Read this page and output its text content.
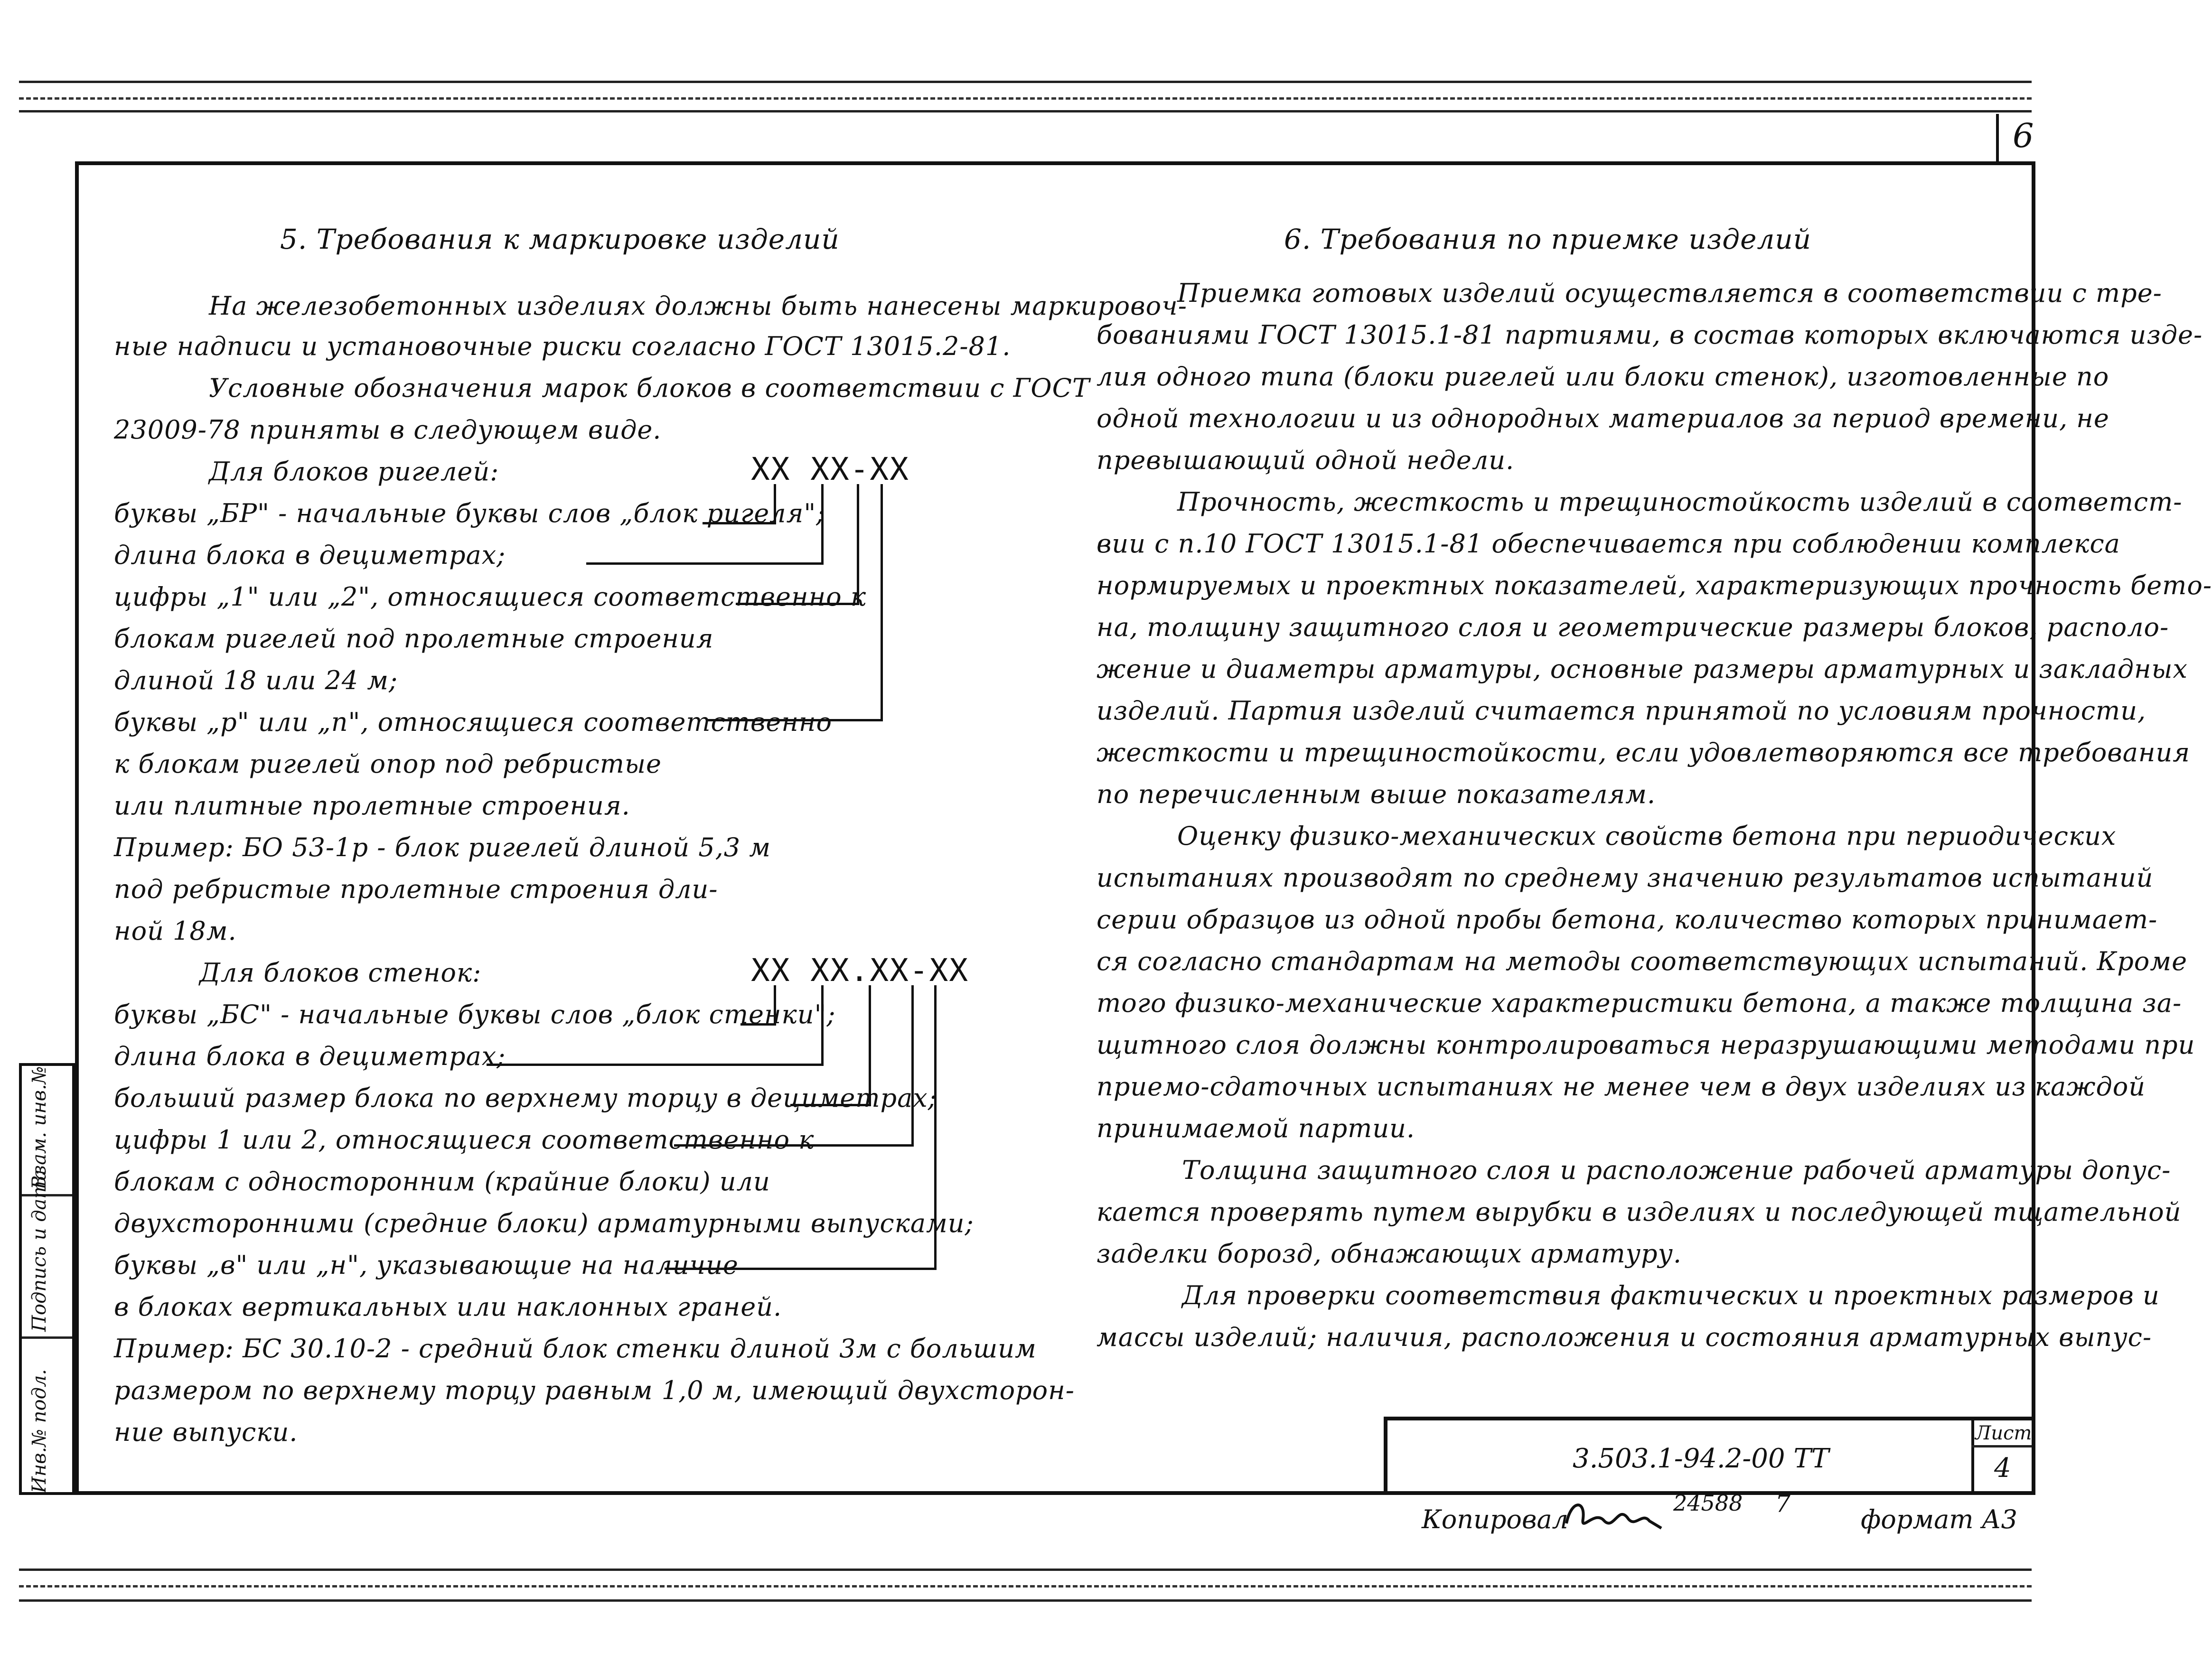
6
Инв.№ подл.
Подпись и дата
Взам. инв.№
5. Требования к маркировке изделий
На железобетонных изделиях должны быть нанесены маркировоч-
ные надписи и установочные риски согласно ГОСТ 13015.2-81.
Условные обозначения марок блоков в соответствии с ГОСТ
23009-78 приняты в следующем виде.
Для блоков ригелей:	ХХ ХХ-ХХ
буквы „БР" - начальные буквы слов „блок ригеля";
длина блока в дециметрах;
цифры „1" или „2", относящиеся соответственно к
блокам ригелей под пролетные строения
длиной 18 или 24 м;
буквы „р" или „п", относящиеся соответственно
к блокам ригелей опор под ребристые
или плитные пролетные строения.
Пример: БО 53-1р - блок ригелей длиной 5,3 м
под ребристые пролетные строения дли-
ной 18м.
Для блоков стенок:	ХХ ХХ.ХХ-ХХ
буквы „БС" - начальные буквы слов „блок стенки";
длина блока в дециметрах;
больший размер блока по верхнему торцу в дециметрах;
цифры 1 или 2, относящиеся соответственно к
блокам с односторонним (крайние блоки) или
двухсторонними (средние блоки) арматурными выпусками;
буквы „в" или „н", указывающие на наличие
в блоках вертикальных или наклонных граней.
Пример: БС 30.10-2 - средний блок стенки длиной 3м с большим
размером по верхнему торцу равным 1,0 м, имеющий двухсторон-
ние выпуски.
6. Требования по приемке изделий
Приемка готовых изделий осуществляется в соответствии с тре-
бованиями ГОСТ 13015.1-81 партиями, в состав которых включаются изде-
лия одного типа (блоки ригелей или блоки стенок), изготовленные по
одной технологии и из однородных материалов за период времени, не
превышающий одной недели.
Прочность, жесткость и трещиностойкость изделий в соответст-
вии с п.10 ГОСТ 13015.1-81 обеспечивается при соблюдении комплекса
нормируемых и проектных показателей, характеризующих прочность бето-
на, толщину защитного слоя и геометрические размеры блоков, располо-
жение и диаметры арматуры, основные размеры арматурных и закладных
изделий. Партия изделий считается принятой по условиям прочности,
жесткости и трещиностойкости, если удовлетворяются все требования
по перечисленным выше показателям.
Оценку физико-механических свойств бетона при периодических
испытаниях производят по среднему значению результатов испытаний
серии образцов из одной пробы бетона, количество которых принимает-
ся согласно стандартам на методы соответствующих испытаний. Кроме
того физико-механические характеристики бетона, а также толщина за-
щитного слоя должны контролироваться неразрушающими методами при
приемо-сдаточных испытаниях не менее чем в двух изделиях из каждой
принимаемой партии.
Толщина защитного слоя и расположение рабочей арматуры допус-
кается проверять путем вырубки в изделиях и последующей тщательной
заделки борозд, обнажающих арматуру.
Для проверки соответствия фактических и проектных размеров и
массы изделий; наличия, расположения и состояния арматурных выпус-
3.503.1-94.2-00 ТТ
Лист
4
Копировал
24588 7
формат А3
